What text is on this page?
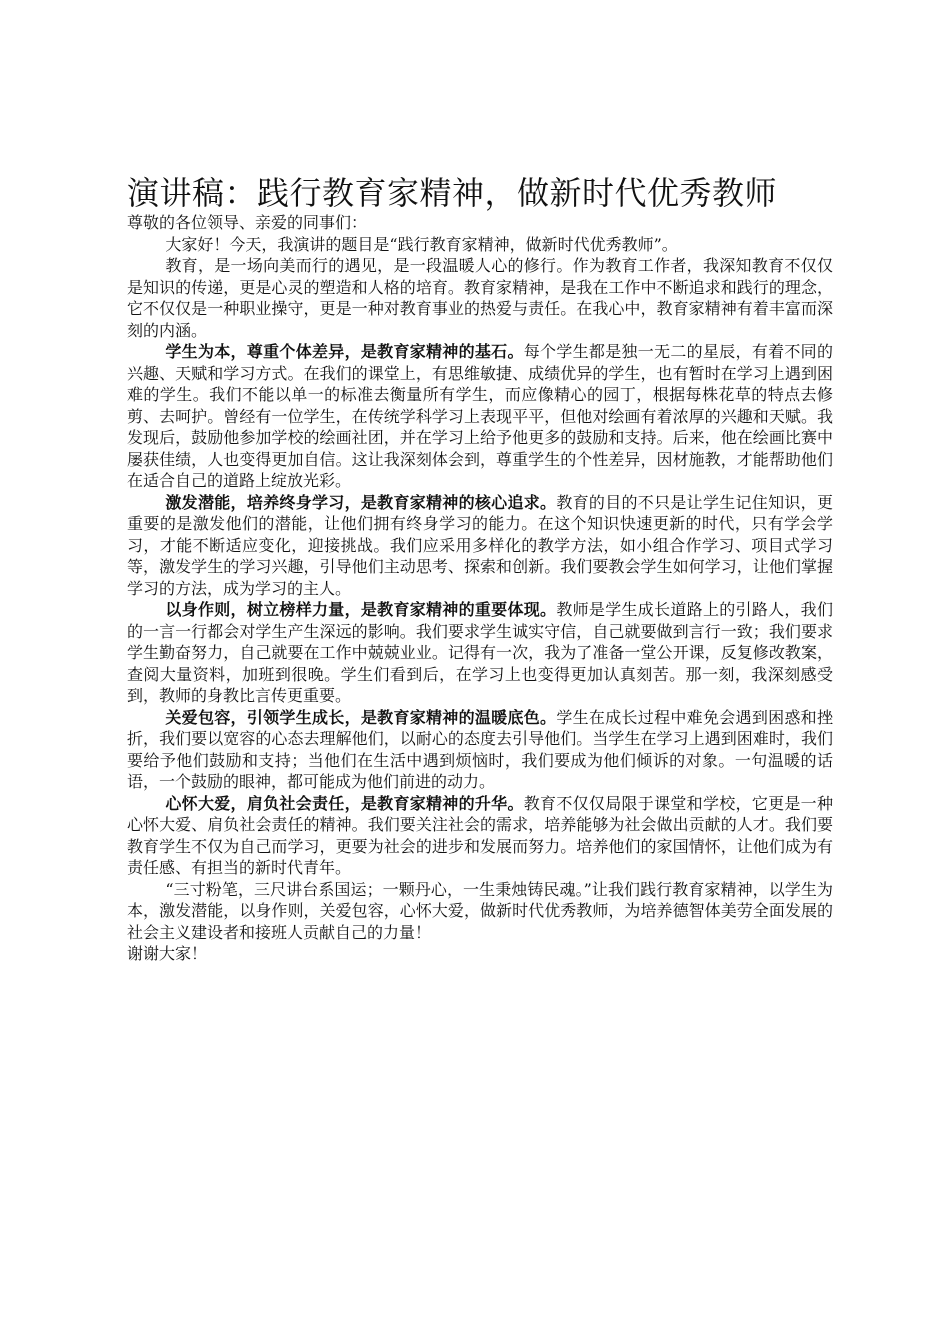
演讲稿：践行教育家精神，做新时代优秀教师

尊敬的各位领导、亲爱的同事们：

大家好！今天，我演讲的题目是“践行教育家精神，做新时代优秀教师”。

教育，是一场向美而行的遇见，是一段温暖人心的修行。作为教育工作者，我深知教育不仅仅是知识的传递，更是心灵的塑造和人格的培育。教育家精神，是我在工作中不断追求和践行的理念，它不仅仅是一种职业操守，更是一种对教育事业的热爱与责任。在我心中，教育家精神有着丰富而深刻的内涵。

学生为本，尊重个体差异，是教育家精神的基石。每个学生都是独一无二的星辰，有着不同的兴趣、天赋和学习方式。在我们的课堂上，有思维敏捷、成绩优异的学生，也有暂时在学习上遇到困难的学生。我们不能以单一的标准去衡量所有学生，而应像精心的园丁，根据每株花草的特点去修剪、去呵护。曾经有一位学生，在传统学科学习上表现平平，但他对绘画有着浓厚的兴趣和天赋。我发现后，鼓励他参加学校的绘画社团，并在学习上给予他更多的鼓励和支持。后来，他在绘画比赛中屡获佳绩，人也变得更加自信。这让我深刻体会到，尊重学生的个性差异，因材施教，才能帮助他们在适合自己的道路上绽放光彩。

激发潜能，培养终身学习，是教育家精神的核心追求。教育的目的不只是让学生记住知识，更重要的是激发他们的潜能，让他们拥有终身学习的能力。在这个知识快速更新的时代，只有学会学习，才能不断适应变化，迎接挑战。我们应采用多样化的教学方法，如小组合作学习、项目式学习等，激发学生的学习兴趣，引导他们主动思考、探索和创新。我们要教会学生如何学习，让他们掌握学习的方法，成为学习的主人。

以身作则，树立榜样力量，是教育家精神的重要体现。教师是学生成长道路上的引路人，我们的一言一行都会对学生产生深远的影响。我们要求学生诚实守信，自己就要做到言行一致；我们要求学生勤奋努力，自己就要在工作中兢兢业业。记得有一次，我为了准备一堂公开课，反复修改教案，查阅大量资料，加班到很晚。学生们看到后，在学习上也变得更加认真刻苦。那一刻，我深刻感受到，教师的身教比言传更重要。

关爱包容，引领学生成长，是教育家精神的温暖底色。学生在成长过程中难免会遇到困惑和挫折，我们要以宽容的心态去理解他们，以耐心的态度去引导他们。当学生在学习上遇到困难时，我们要给予他们鼓励和支持；当他们在生活中遇到烦恼时，我们要成为他们倾诉的对象。一句温暖的话语，一个鼓励的眼神，都可能成为他们前进的动力。

心怀大爱，肩负社会责任，是教育家精神的升华。教育不仅仅局限于课堂和学校，它更是一种心怀大爱、肩负社会责任的精神。我们要关注社会的需求，培养能够为社会做出贡献的人才。我们要教育学生不仅为自己而学习，更要为社会的进步和发展而努力。培养他们的家国情怀，让他们成为有责任感、有担当的新时代青年。

“三寸粉笔，三尺讲台系国运；一颗丹心，一生秉烛铸民魂。”让我们践行教育家精神，以学生为本，激发潜能，以身作则，关爱包容，心怀大爱，做新时代优秀教师，为培养德智体美劳全面发展的社会主义建设者和接班人贡献自己的力量！

谢谢大家！
